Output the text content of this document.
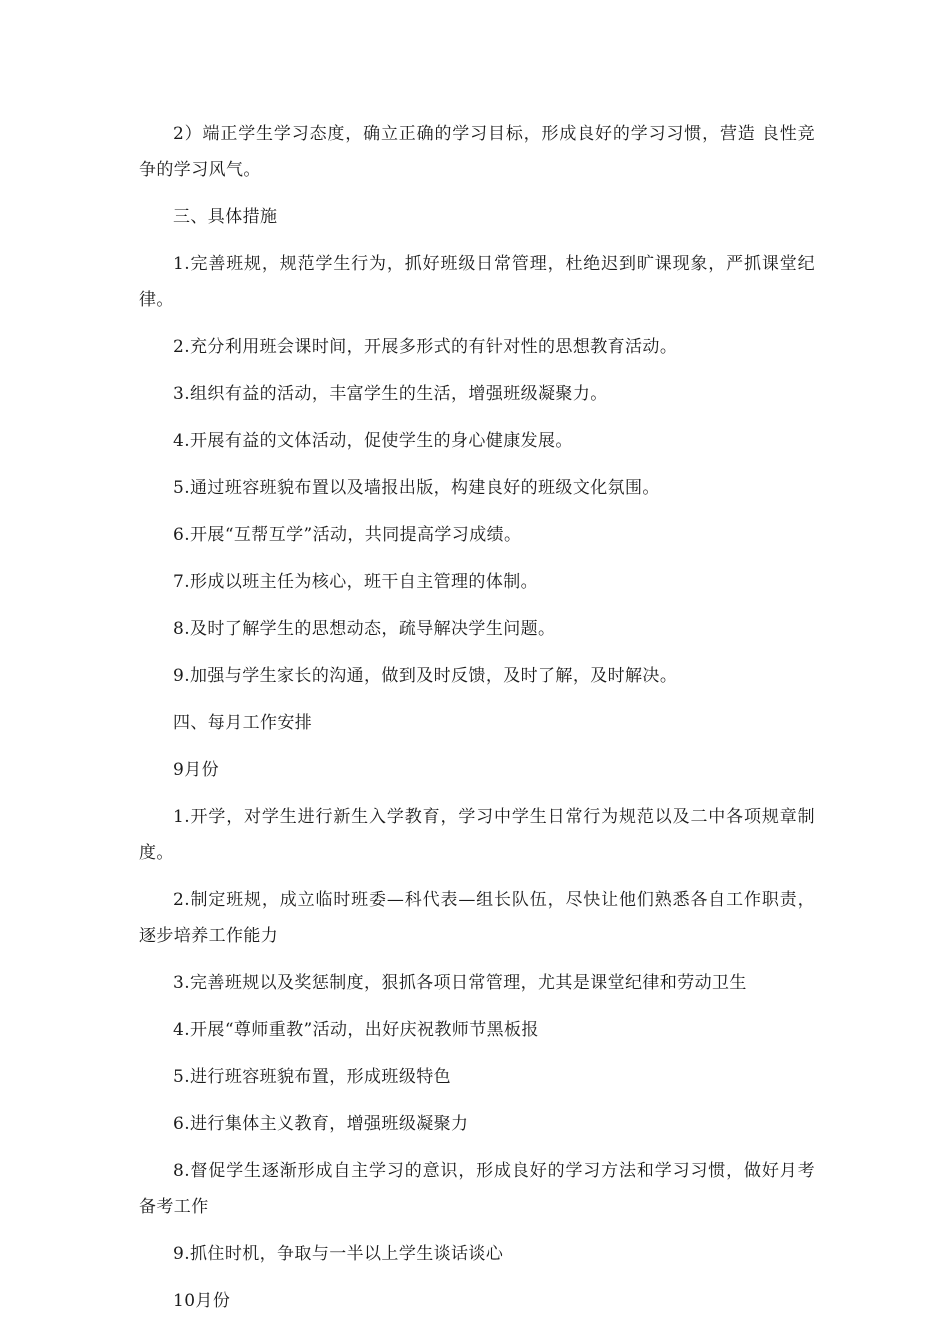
2）端正学生学习态度，确立正确的学习目标，形成良好的学习习惯，营造 良性竞争的学习风气。

三、具体措施

1.完善班规，规范学生行为，抓好班级日常管理，杜绝迟到旷课现象，严抓课堂纪律。

2.充分利用班会课时间，开展多形式的有针对性的思想教育活动。

3.组织有益的活动，丰富学生的生活，增强班级凝聚力。

4.开展有益的文体活动，促使学生的身心健康发展。

5.通过班容班貌布置以及墙报出版，构建良好的班级文化氛围。

6.开展“互帮互学”活动，共同提高学习成绩。

7.形成以班主任为核心，班干自主管理的体制。

8.及时了解学生的思想动态，疏导解决学生问题。

9.加强与学生家长的沟通，做到及时反馈，及时了解，及时解决。

四、每月工作安排

9月份

1.开学，对学生进行新生入学教育，学习中学生日常行为规范以及二中各项规章制度。

2.制定班规，成立临时班委—科代表—组长队伍，尽快让他们熟悉各自工作职责，逐步培养工作能力

3.完善班规以及奖惩制度，狠抓各项日常管理，尤其是课堂纪律和劳动卫生

4.开展“尊师重教”活动，出好庆祝教师节黑板报

5.进行班容班貌布置，形成班级特色

6.进行集体主义教育，增强班级凝聚力

8.督促学生逐渐形成自主学习的意识，形成良好的学习方法和学习习惯，做好月考备考工作

9.抓住时机，争取与一半以上学生谈话谈心

10月份
